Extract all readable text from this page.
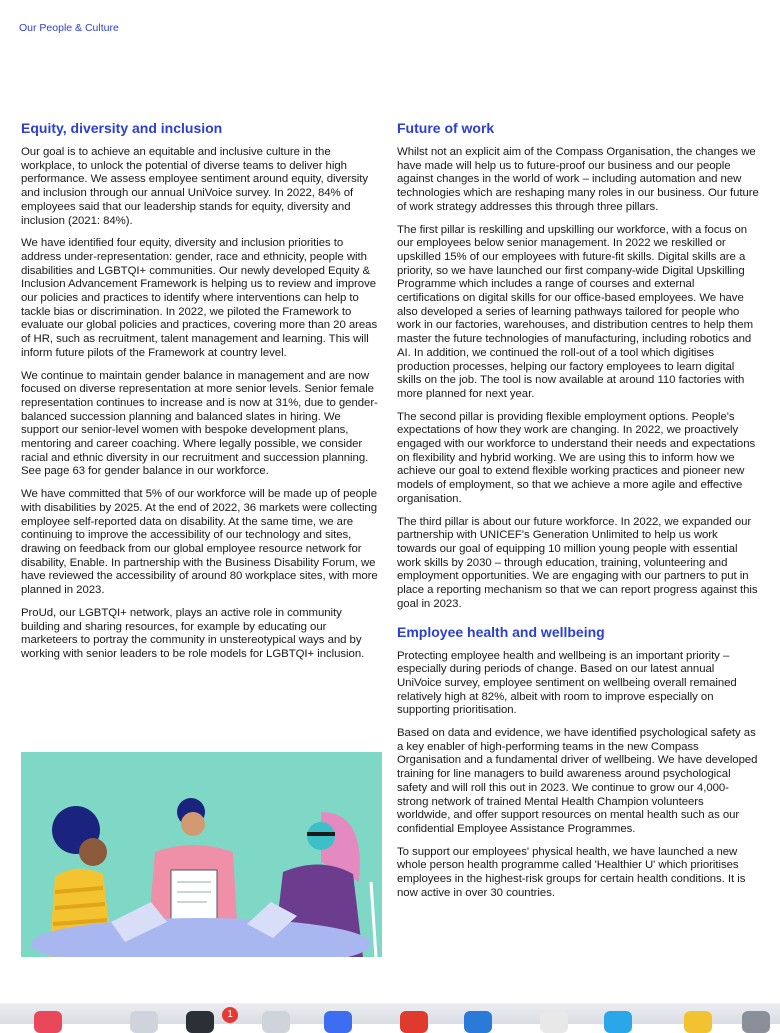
Our People & Culture
Equity, diversity and inclusion

Our goal is to achieve an equitable and inclusive culture in the workplace, to unlock the potential of diverse teams to deliver high performance. We assess employee sentiment around equity, diversity and inclusion through our annual UniVoice survey. In 2022, 84% of employees said that our leadership stands for equity, diversity and inclusion (2021: 84%).

We have identified four equity, diversity and inclusion priorities to address under-representation: gender, race and ethnicity, people with disabilities and LGBTQI+ communities. Our newly developed Equity & Inclusion Advancement Framework is helping us to review and improve our policies and practices to identify where interventions can help to tackle bias or discrimination. In 2022, we piloted the Framework to evaluate our global policies and practices, covering more than 20 areas of HR, such as recruitment, talent management and learning. This will inform future pilots of the Framework at country level.

We continue to maintain gender balance in management and are now focused on diverse representation at more senior levels. Senior female representation continues to increase and is now at 31%, due to gender-balanced succession planning and balanced slates in hiring. We support our senior-level women with bespoke development plans, mentoring and career coaching. Where legally possible, we consider racial and ethnic diversity in our recruitment and succession planning. See page 63 for gender balance in our workforce.

We have committed that 5% of our workforce will be made up of people with disabilities by 2025. At the end of 2022, 36 markets were collecting employee self-reported data on disability. At the same time, we are continuing to improve the accessibility of our technology and sites, drawing on feedback from our global employee resource network for disability, Enable. In partnership with the Business Disability Forum, we have reviewed the accessibility of around 80 workplace sites, with more planned in 2023.

ProUd, our LGBTQI+ network, plays an active role in community building and sharing resources, for example by educating our marketeers to portray the community in unstereotypical ways and by working with senior leaders to be role models for LGBTQI+ inclusion.

Future of work

Whilst not an explicit aim of the Compass Organisation, the changes we have made will help us to future-proof our business and our people against changes in the world of work – including automation and new technologies which are reshaping many roles in our business. Our future of work strategy addresses this through three pillars.

The first pillar is reskilling and upskilling our workforce, with a focus on our employees below senior management. In 2022 we reskilled or upskilled 15% of our employees with future-fit skills. Digital skills are a priority, so we have launched our first company-wide Digital Upskilling Programme which includes a range of courses and external certifications on digital skills for our office-based employees. We have also developed a series of learning pathways tailored for people who work in our factories, warehouses, and distribution centres to help them master the future technologies of manufacturing, including robotics and AI. In addition, we continued the roll-out of a tool which digitises production processes, helping our factory employees to learn digital skills on the job. The tool is now available at around 110 factories with more planned for next year.

The second pillar is providing flexible employment options. People's expectations of how they work are changing. In 2022, we proactively engaged with our workforce to understand their needs and expectations on flexibility and hybrid working. We are using this to inform how we achieve our goal to extend flexible working practices and pioneer new models of employment, so that we achieve a more agile and effective organisation.

The third pillar is about our future workforce. In 2022, we expanded our partnership with UNICEF's Generation Unlimited to help us work towards our goal of equipping 10 million young people with essential work skills by 2030 – through education, training, volunteering and employment opportunities. We are engaging with our partners to put in place a reporting mechanism so that we can report progress against this goal in 2023.

Employee health and wellbeing

Protecting employee health and wellbeing is an important priority – especially during periods of change. Based on our latest annual UniVoice survey, employee sentiment on wellbeing overall remained relatively high at 82%, albeit with room to improve especially on supporting prioritisation.

Based on data and evidence, we have identified psychological safety as a key enabler of high-performing teams in the new Compass Organisation and a fundamental driver of wellbeing. We have developed training for line managers to build awareness around psychological safety and will roll this out in 2023. We continue to grow our 4,000-strong network of trained Mental Health Champion volunteers worldwide, and offer support resources on mental health such as our confidential Employee Assistance Programmes.

To support our employees' physical health, we have launched a new whole person health programme called 'Healthier U' which prioritises employees in the highest-risk groups for certain health conditions. It is now active in over 30 countries.

1
